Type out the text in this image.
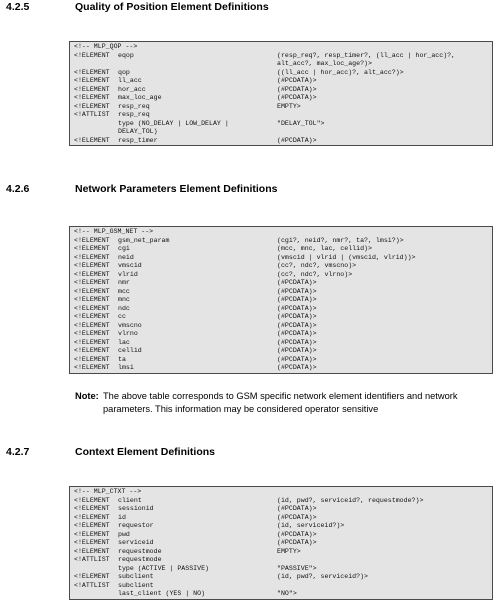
4.2.5	Quality of Position Element Definitions
<!-- MLP_QOP -->
<!ELEMENT eqop	(resp_req?, resp_timer?, (ll_acc | hor_acc)?,
alt_acc?, max_loc_age?)>
<!ELEMENT qop	((ll_acc | hor_acc)?, alt_acc?)>
<!ELEMENT ll_acc	(#PCDATA)>
<!ELEMENT hor_acc	(#PCDATA)>
<!ELEMENT max_loc_age	(#PCDATA)>
<!ELEMENT resp_req	EMPTY>
<!ATTLIST resp_req
type (NO_DELAY | LOW_DELAY |	"DELAY_TOL">
DELAY_TOL)
<!ELEMENT resp_timer	(#PCDATA)>
4.2.6	Network Parameters Element Definitions
<!-- MLP_GSM_NET -->
<!ELEMENT gsm_net_param	(cgi?, neid?, nmr?, ta?, lmsi?)>
<!ELEMENT cgi	(mcc, mnc, lac, cellid)>
<!ELEMENT neid	(vmscid | vlrid | (vmscid, vlrid))>
<!ELEMENT vmscid	(cc?, ndc?, vmscno)>
<!ELEMENT vlrid	(cc?, ndc?, vlrno)>
<!ELEMENT nmr	(#PCDATA)>
<!ELEMENT mcc	(#PCDATA)>
<!ELEMENT mnc	(#PCDATA)>
<!ELEMENT ndc	(#PCDATA)>
<!ELEMENT cc	(#PCDATA)>
<!ELEMENT vmscno	(#PCDATA)>
<!ELEMENT vlrno	(#PCDATA)>
<!ELEMENT lac	(#PCDATA)>
<!ELEMENT cellid	(#PCDATA)>
<!ELEMENT ta	(#PCDATA)>
<!ELEMENT lmsi	(#PCDATA)>
Note: The above table corresponds to GSM specific network element identifiers and network parameters. This information may be considered operator sensitive
4.2.7	Context Element Definitions
<!-- MLP_CTXT -->
<!ELEMENT client	(id, pwd?, serviceid?, requestmode?)>
<!ELEMENT sessionid	(#PCDATA)>
<!ELEMENT id	(#PCDATA)>
<!ELEMENT requestor	(id, serviceid?)>
<!ELEMENT pwd	(#PCDATA)>
<!ELEMENT serviceid	(#PCDATA)>
<!ELEMENT requestmode	EMPTY>
<!ATTLIST requestmode
type (ACTIVE | PASSIVE)	"PASSIVE">
<!ELEMENT subclient	(id, pwd?, serviceid?)>
<!ATTLIST subclient
last_client (YES | NO)	"NO">
